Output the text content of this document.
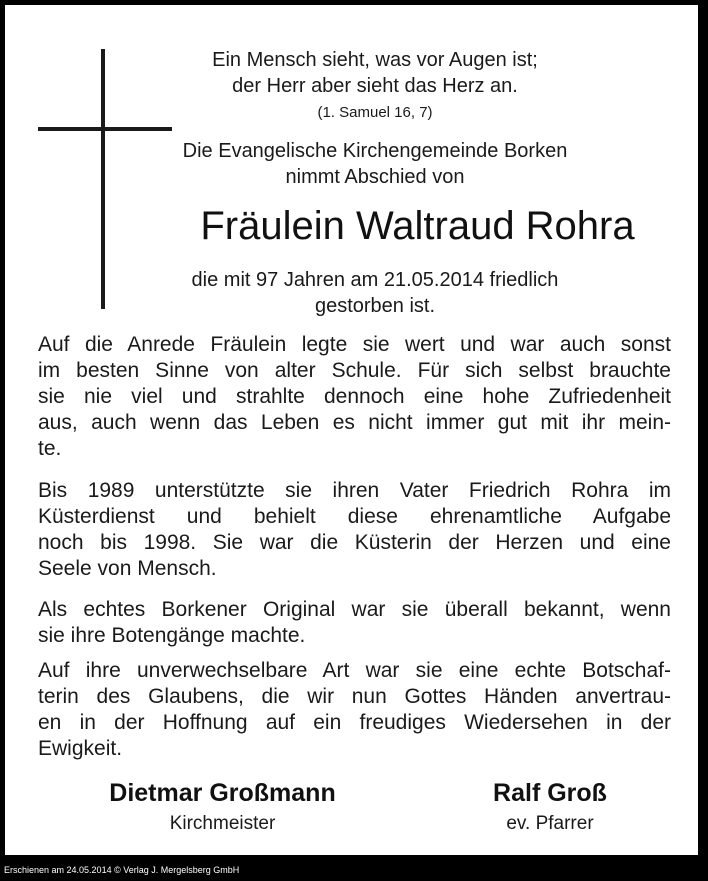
Ein Mensch sieht, was vor Augen ist;
der Herr aber sieht das Herz an.
(1. Samuel 16, 7)
Die Evangelische Kirchengemeinde Borken
nimmt Abschied von
Fräulein Waltraud Rohra
die mit 97 Jahren am 21.05.2014 friedlich
gestorben ist.
Auf die Anrede Fräulein legte sie wert und war auch sonst
im besten Sinne von alter Schule. Für sich selbst brauchte
sie nie viel und strahlte dennoch eine hohe Zufriedenheit
aus, auch wenn das Leben es nicht immer gut mit ihr mein-
te.
Bis 1989 unterstützte sie ihren Vater Friedrich Rohra im
Küsterdienst und behielt diese ehrenamtliche Aufgabe
noch bis 1998. Sie war die Küsterin der Herzen und eine
Seele von Mensch.
Als echtes Borkener Original war sie überall bekannt, wenn
sie ihre Botengänge machte.
Auf ihre unverwechselbare Art war sie eine echte Botschaf-
terin des Glaubens, die wir nun Gottes Händen anvertrau-
en in der Hoffnung auf ein freudiges Wiedersehen in der
Ewigkeit.
Dietmar Großmann
Kirchmeister
Ralf Groß
ev. Pfarrer
Erschienen am 24.05.2014 © Verlag J. Mergelsberg GmbH
